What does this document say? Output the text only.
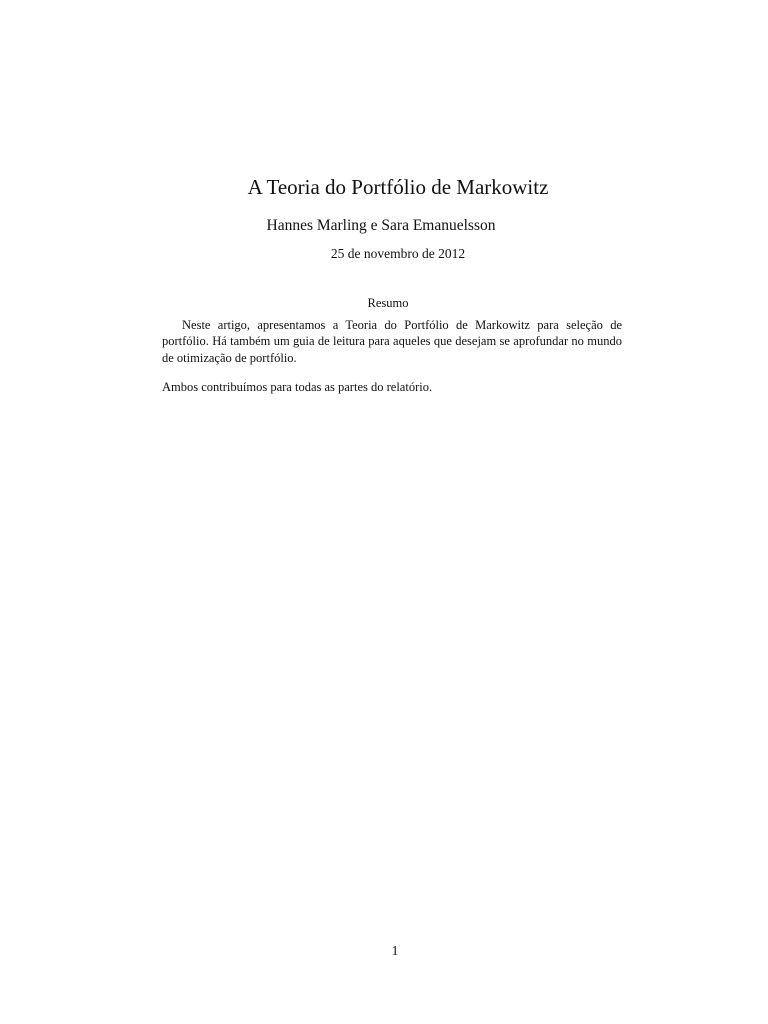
A Teoria do Portfólio de Markowitz
Hannes Marling e Sara Emanuelsson
25 de novembro de 2012
Resumo

Neste artigo, apresentamos a Teoria do Portfólio de Markowitz para seleção de portfólio. Há também um guia de leitura para aqueles que desejam se aprofundar no mundo de otimização de portfólio.

Ambos contribuímos para todas as partes do relatório.

1
